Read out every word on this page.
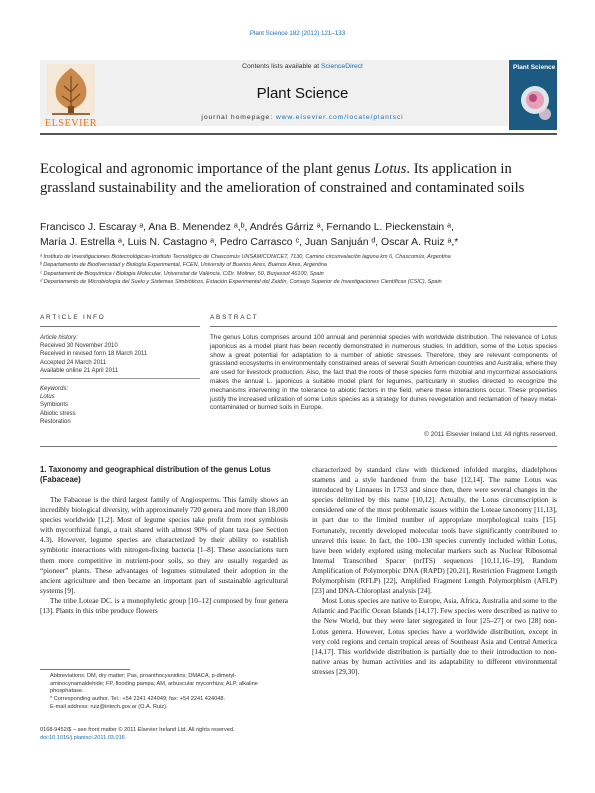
Plant Science 182 (2012) 121–133
ELSEVIER
Contents lists available at ScienceDirect
Plant Science
journal homepage: www.elsevier.com/locate/plantsci
Plant Science
Ecological and agronomic importance of the plant genus Lotus. Its application in grassland sustainability and the amelioration of constrained and contaminated soils
Francisco J. Escaray ᵃ, Ana B. Menendez ᵃ,ᵇ, Andrés Gárriz ᵃ, Fernando L. Pieckenstain ᵃ,
María J. Estrella ᵃ, Luis N. Castagno ᵃ, Pedro Carrasco ᶜ, Juan Sanjuán ᵈ, Oscar A. Ruiz ᵃ,*
ᵃ Instituto de Investigaciones Biotecnológicas-Instituto Tecnológico de Chascomús UNSAM/CONICET, 7130, Camino circunvalación laguna km 6, Chascomús, Argentina
ᵇ Departamento de Biodiversidad y Biología Experimental, FCEN, University of Buenos Aires, Buenos Aires, Argentina
ᶜ Departament de Bioquímica i Biologia Molecular, Universitat de València, C/Dr. Moliner, 50, Burjassot 46100, Spain
ᵈ Departamento de Microbiología del Suelo y Sistemas Simbióticos, Estación Experimental del Zaidín, Consejo Superior de Investigaciones Científicas (CSIC), Spain
ARTICLE INFO	ABSTRACT
Article history:
Received 30 November 2010
Received in revised form 18 March 2011
Accepted 24 March 2011
Available online 21 April 2011
Keywords:
Lotus
Symbionts
Abiotic stress
Restoration
The genus Lotus comprises around 100 annual and perennial species with worldwide distribution. The relevance of Lotus japonicus as a model plant has been recently demonstrated in numerous studies. In addition, some of the Lotus species show a great potential for adaptation to a number of abiotic stresses. Therefore, they are relevant components of grassland ecosystems in environmentally constrained areas of several South American countries and Australia, where they are used for livestock production. Also, the fact that the roots of these species form rhizobial and mycorrhizal associations makes the annual L. japonicus a suitable model plant for legumes, particularly in studies directed to recognize the mechanisms intervening in the tolerance to abiotic factors in the field, where these interactions occur. These properties justify the increased utilization of some Lotus species as a strategy for dunes revegetation and reclamation of heavy metal-contaminated or burned soils in Europe.
© 2011 Elsevier Ireland Ltd. All rights reserved.
1. Taxonomy and geographical distribution of the genus Lotus (Fabaceae)

The Fabaceae is the third largest family of Angiosperms. This family shows an incredibly biological diversity, with approximately 720 genera and more than 18,000 species worldwide [1,2]. Most of legume species take profit from root symbiosis with mycorrhizal fungi, a trait shared with almost 90% of plant taxa (see Section 4.3). However, legume species are characterized by their ability to establish symbiotic interactions with nitrogen-fixing bacteria [1–8]. These associations turn them more competitive in nutrient-poor soils, so they are usually regarded as “pioneer” plants. These advantages of legumes stimulated their adoption in the ancient agriculture and then became an important part of sustainable agricultural systems [9].

The tribe Loteae DC. is a monophyletic group [10–12] composed by four genera [13]. Plants in this tribe produce flowers

characterized by standard claw with thickened infolded margins, diadelphous stamens and a style hardened from the base [12,14]. The name Lotus was introduced by Linnaeus in 1753 and since then, there were several changes in the species delimited by this name [10,12]. Actually, the Lotus circumscription is considered one of the most problematic issues within the Loteae taxonomy [11,13], in part due to the limited number of appropriate morphological traits [15]. Fortunately, recently developed molecular tools have significantly contributed to unravel this issue. In fact, the 100–130 species currently included within Lotus, have been widely explored using molecular markers such as Nuclear Ribosomal Internal Transcribed Spacer (nrITS) sequences [10,11,16–19], Random Amplification of Polymorphic DNA (RAPD) [20,21], Restriction Fragment Length Polymorphism (RFLP) [22], Amplified Fragment Length Polymorphism (AFLP) [23] and DNA-Chloroplast analysis [24].

Most Lotus species are native to Europe, Asia, Africa, Australia and some to the Atlantic and Pacific Ocean Islands [14,17]. Few species were described as native to the New World, but they were later segregated in four [25–27] or two [28] non-Lotus genera. However, Lotus species have a worldwide distribution, except in very cold regions and certain tropical areas of Southeast Asia and Central America [14,17]. This worldwide distribution is partially due to their introduction to non-native areas by human activities and its adaptability to different environmental stresses [29,30].

Abbreviations: DM, dry matter; Pas, proanthocyanidins; DMACA, p-dimetyl-aminocynamaldehide; FP, flooding pampa; AM, arbuscular mycorrhiza; ALP, alkaline phosphatase.
* Corresponding author. Tel.: +54 2241 424049; fax: +54 2241 424048.
E-mail address: ruiz@intech.gov.ar (O.A. Ruiz).
0168-9452/$ – see front matter © 2011 Elsevier Ireland Ltd. All rights reserved.
doi:10.1016/j.plantsci.2011.03.016
